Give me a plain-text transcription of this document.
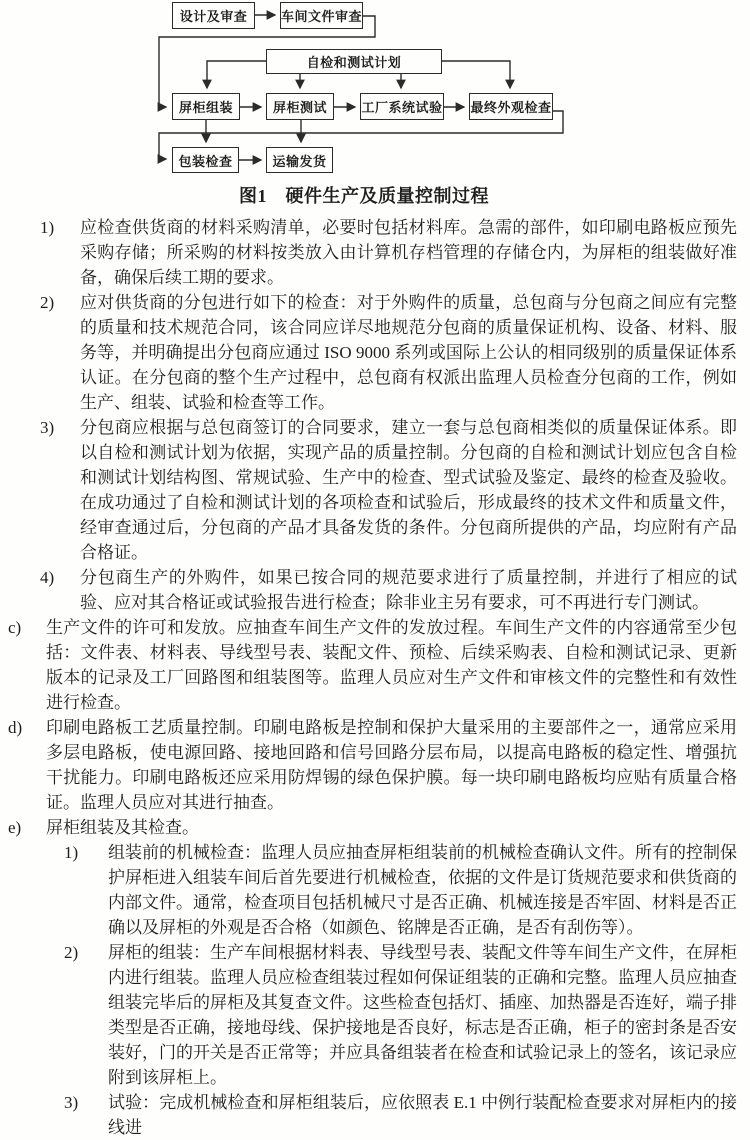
设计及审查	车间文件审查
自检和测试计划
屏柜组装	屏柜测试	工厂系统试验 最终外观检查
包装检查	运输发货
图1　硬件生产及质量控制过程
1) 应检查供货商的材料采购清单，必要时包括材料库。急需的部件，如印刷电路板应预先采购存储；所采购的材料按类放入由计算机存档管理的存储仓内，为屏柜的组装做好准备，确保后续工期的要求。
2) 应对供货商的分包进行如下的检查：对于外购件的质量，总包商与分包商之间应有完整的质量和技术规范合同，该合同应详尽地规范分包商的质量保证机构、设备、材料、服务等，并明确提出分包商应通过 ISO 9000 系列或国际上公认的相同级别的质量保证体系认证。在分包商的整个生产过程中，总包商有权派出监理人员检查分包商的工作，例如生产、组装、试验和检查等工作。
3) 分包商应根据与总包商签订的合同要求，建立一套与总包商相类似的质量保证体系。即以自检和测试计划为依据，实现产品的质量控制。分包商的自检和测试计划应包含自检和测试计划结构图、常规试验、生产中的检查、型式试验及鉴定、最终的检查及验收。在成功通过了自检和测试计划的各项检查和试验后，形成最终的技术文件和质量文件，经审查通过后，分包商的产品才具备发货的条件。分包商所提供的产品，均应附有产品合格证。
4) 分包商生产的外购件，如果已按合同的规范要求进行了质量控制，并进行了相应的试验、应对其合格证或试验报告进行检查；除非业主另有要求，可不再进行专门测试。
c) 生产文件的许可和发放。应抽查车间生产文件的发放过程。车间生产文件的内容通常至少包括：文件表、材料表、导线型号表、装配文件、预检、后续采购表、自检和测试记录、更新版本的记录及工厂回路图和组装图等。监理人员应对生产文件和审核文件的完整性和有效性进行检查。
d) 印刷电路板工艺质量控制。印刷电路板是控制和保护大量采用的主要部件之一，通常应采用多层电路板，使电源回路、接地回路和信号回路分层布局，以提高电路板的稳定性、增强抗干扰能力。印刷电路板还应采用防焊锡的绿色保护膜。每一块印刷电路板均应贴有质量合格证。监理人员应对其进行抽查。
e) 屏柜组装及其检查。
1) 组装前的机械检查：监理人员应抽查屏柜组装前的机械检查确认文件。所有的控制保护屏柜进入组装车间后首先要进行机械检查，依据的文件是订货规范要求和供货商的内部文件。通常，检查项目包括机械尺寸是否正确、机械连接是否牢固、材料是否正确以及屏柜的外观是否合格（如颜色、铭牌是否正确，是否有刮伤等）。
2) 屏柜的组装：生产车间根据材料表、导线型号表、装配文件等车间生产文件，在屏柜内进行组装。监理人员应检查组装过程如何保证组装的正确和完整。监理人员应抽查组装完毕后的屏柜及其复查文件。这些检查包括灯、插座、加热器是否连好，端子排类型是否正确，接地母线、保护接地是否良好，标志是否正确，柜子的密封条是否安装好，门的开关是否正常等；并应具备组装者在检查和试验记录上的签名，该记录应附到该屏柜上。
3) 试验：完成机械检查和屏柜组装后，应依照表 E.1 中例行装配检查要求对屏柜内的接线进
